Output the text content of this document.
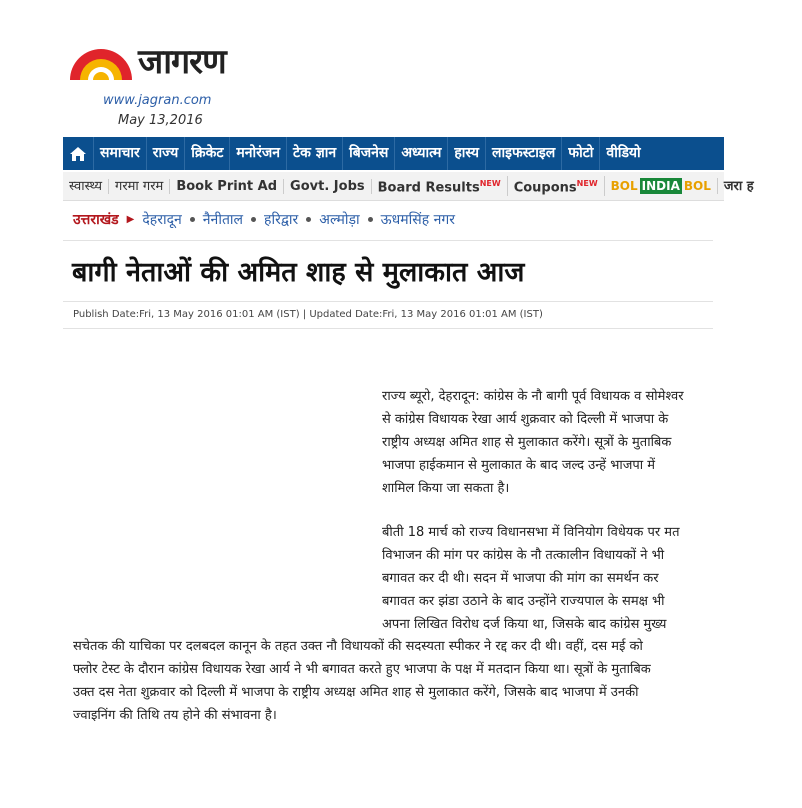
जागरण
www.jagran.com
May 13,2016
समाचार राज्य क्रिकेट मनोरंजन टेक ज्ञान बिजनेस अध्यात्म हास्य लाइफस्टाइल फोटो वीडियो
स्वास्थ्य	गरमा गरम	Book Print Ad	Govt. Jobs	Board Results$^{NEW}$	Coupons$^{NEW}$	BOL INDIA BOL	जरा ह
उत्तराखंड ▶ देहरादून नैनीताल हरिद्वार अल्मोड़ा ऊधमसिंह नगर
बागी नेताओं की अमित शाह से मुलाकात आज
Publish Date:Fri, 13 May 2016 01:01 AM (IST) | Updated Date:Fri, 13 May 2016 01:01 AM (IST)
राज्य ब्यूरो, देहरादून: कांग्रेस के नौ बागी पूर्व विधायक व सोमेश्वर
से कांग्रेस विधायक रेखा आर्य शुक्रवार को दिल्ली में भाजपा के
राष्ट्रीय अध्यक्ष अमित शाह से मुलाकात करेंगे। सूत्रों के मुताबिक
भाजपा हाईकमान से मुलाकात के बाद जल्द उन्हें भाजपा में
शामिल किया जा सकता है।
बीती 18 मार्च को राज्य विधानसभा में विनियोग विधेयक पर मत
विभाजन की मांग पर कांग्रेस के नौ तत्कालीन विधायकों ने भी
बगावत कर दी थी। सदन में भाजपा की मांग का समर्थन कर
बगावत कर झंडा उठाने के बाद उन्होंने राज्यपाल के समक्ष भी
अपना लिखित विरोध दर्ज किया था, जिसके बाद कांग्रेस मुख्य
सचेतक की याचिका पर दलबदल कानून के तहत उक्त नौ विधायकों की सदस्यता स्पीकर ने रद्द कर दी थी। वहीं, दस मई को
फ्लोर टेस्ट के दौरान कांग्रेस विधायक रेखा आर्य ने भी बगावत करते हुए भाजपा के पक्ष में मतदान किया था। सूत्रों के मुताबिक
उक्त दस नेता शुक्रवार को दिल्ली में भाजपा के राष्ट्रीय अध्यक्ष अमित शाह से मुलाकात करेंगे, जिसके बाद भाजपा में उनकी
ज्वाइनिंग की तिथि तय होने की संभावना है।
